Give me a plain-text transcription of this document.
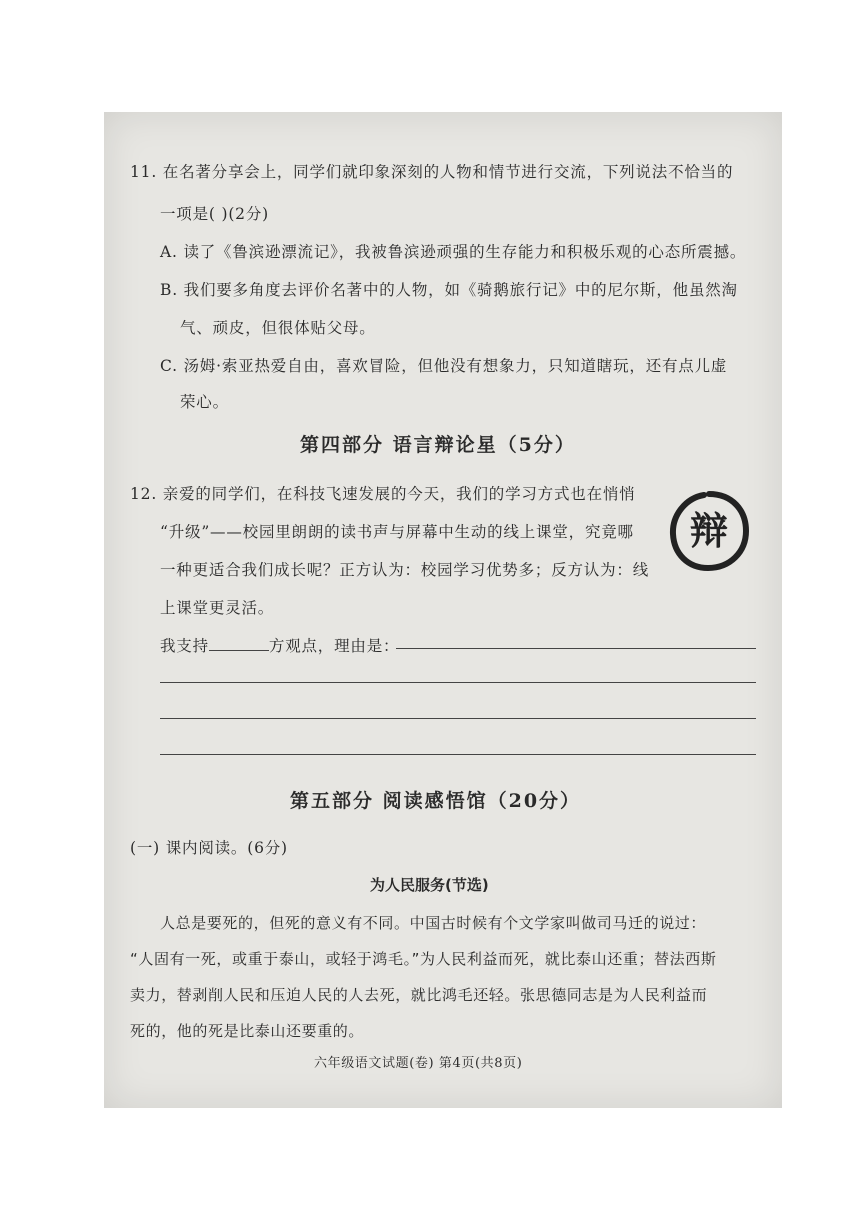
11. 在名著分享会上，同学们就印象深刻的人物和情节进行交流，下列说法不恰当的
一项是( )(2分)
A. 读了《鲁滨逊漂流记》，我被鲁滨逊顽强的生存能力和积极乐观的心态所震撼。
B. 我们要多角度去评价名著中的人物，如《骑鹅旅行记》中的尼尔斯，他虽然淘
气、顽皮，但很体贴父母。
C. 汤姆·索亚热爱自由，喜欢冒险，但他没有想象力，只知道瞎玩，还有点儿虚
荣心。
第四部分 语言辩论星（5分）
12. 亲爱的同学们，在科技飞速发展的今天，我们的学习方式也在悄悄
“升级”——校园里朗朗的读书声与屏幕中生动的线上课堂，究竟哪
一种更适合我们成长呢？正方认为：校园学习优势多；反方认为：线
上课堂更灵活。
辩
我支持	方观点，理由是：
第五部分 阅读感悟馆（20分）
(一) 课内阅读。(6分)
为人民服务(节选)
人总是要死的，但死的意义有不同。中国古时候有个文学家叫做司马迁的说过：
“人固有一死，或重于泰山，或轻于鸿毛。”为人民利益而死，就比泰山还重；替法西斯
卖力，替剥削人民和压迫人民的人去死，就比鸿毛还轻。张思德同志是为人民利益而
死的，他的死是比泰山还要重的。
六年级语文试题(卷) 第4页(共8页)
